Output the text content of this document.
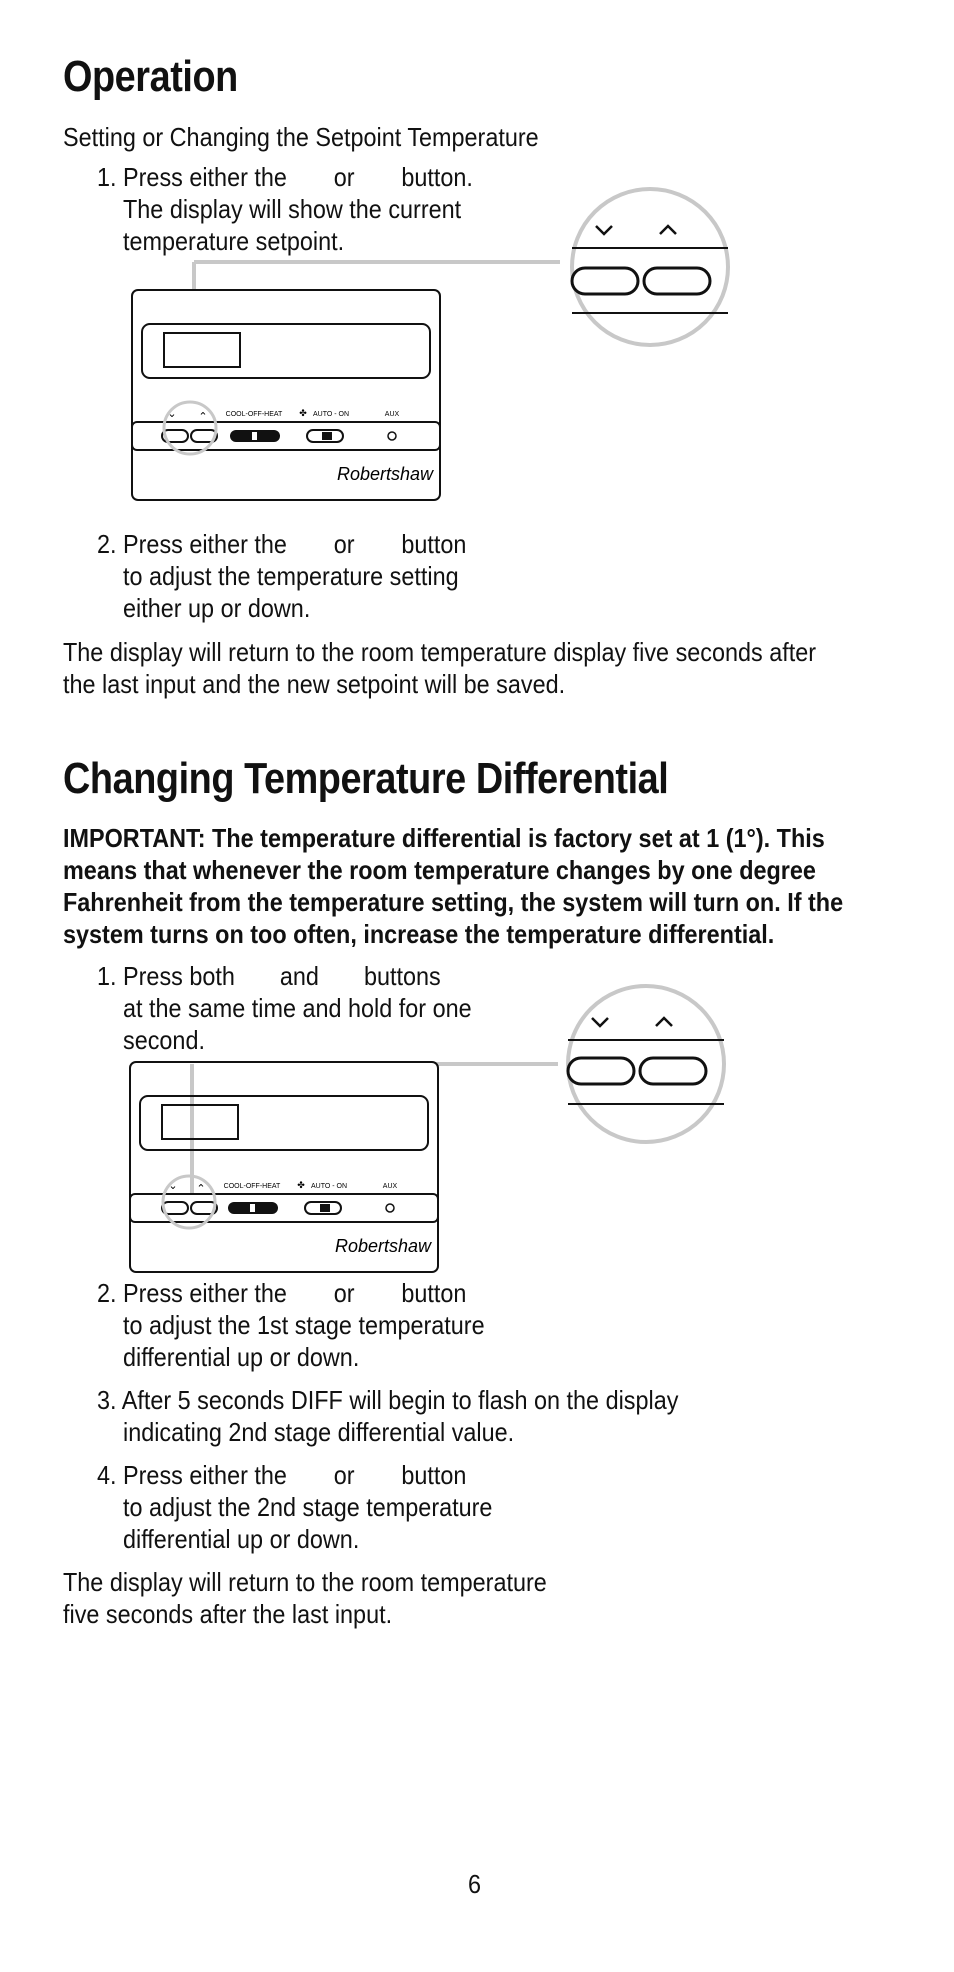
Operation
Setting or Changing the Setpoint Temperature
1. Press either the or button.
The display will show the current
temperature setpoint.
⌄ ⌃	COOL-OFF-HEAT ✤ AUTO - ON	AUX
Robertshaw
2. Press either the or button
to adjust the temperature setting
either up or down.
The display will return to the room temperature display five seconds after
the last input and the new setpoint will be saved.
Changing Temperature Differential
IMPORTANT: The temperature differential is factory set at 1 (1°). This
means that whenever the room temperature changes by one degree
Fahrenheit from the temperature setting, the system will turn on. If the
system turns on too often, increase the temperature differential.
1. Press both and buttons
at the same time and hold for one
second.
⌄ ⌃	COOL-OFF-HEAT ✤ AUTO - ON	AUX
Robertshaw
2. Press either the or button
to adjust the 1st stage temperature
differential up or down.
3. After 5 seconds DIFF will begin to flash on the display
indicating 2nd stage differential value.
4. Press either the or button
to adjust the 2nd stage temperature
differential up or down.
The display will return to the room temperature
five seconds after the last input.
6
